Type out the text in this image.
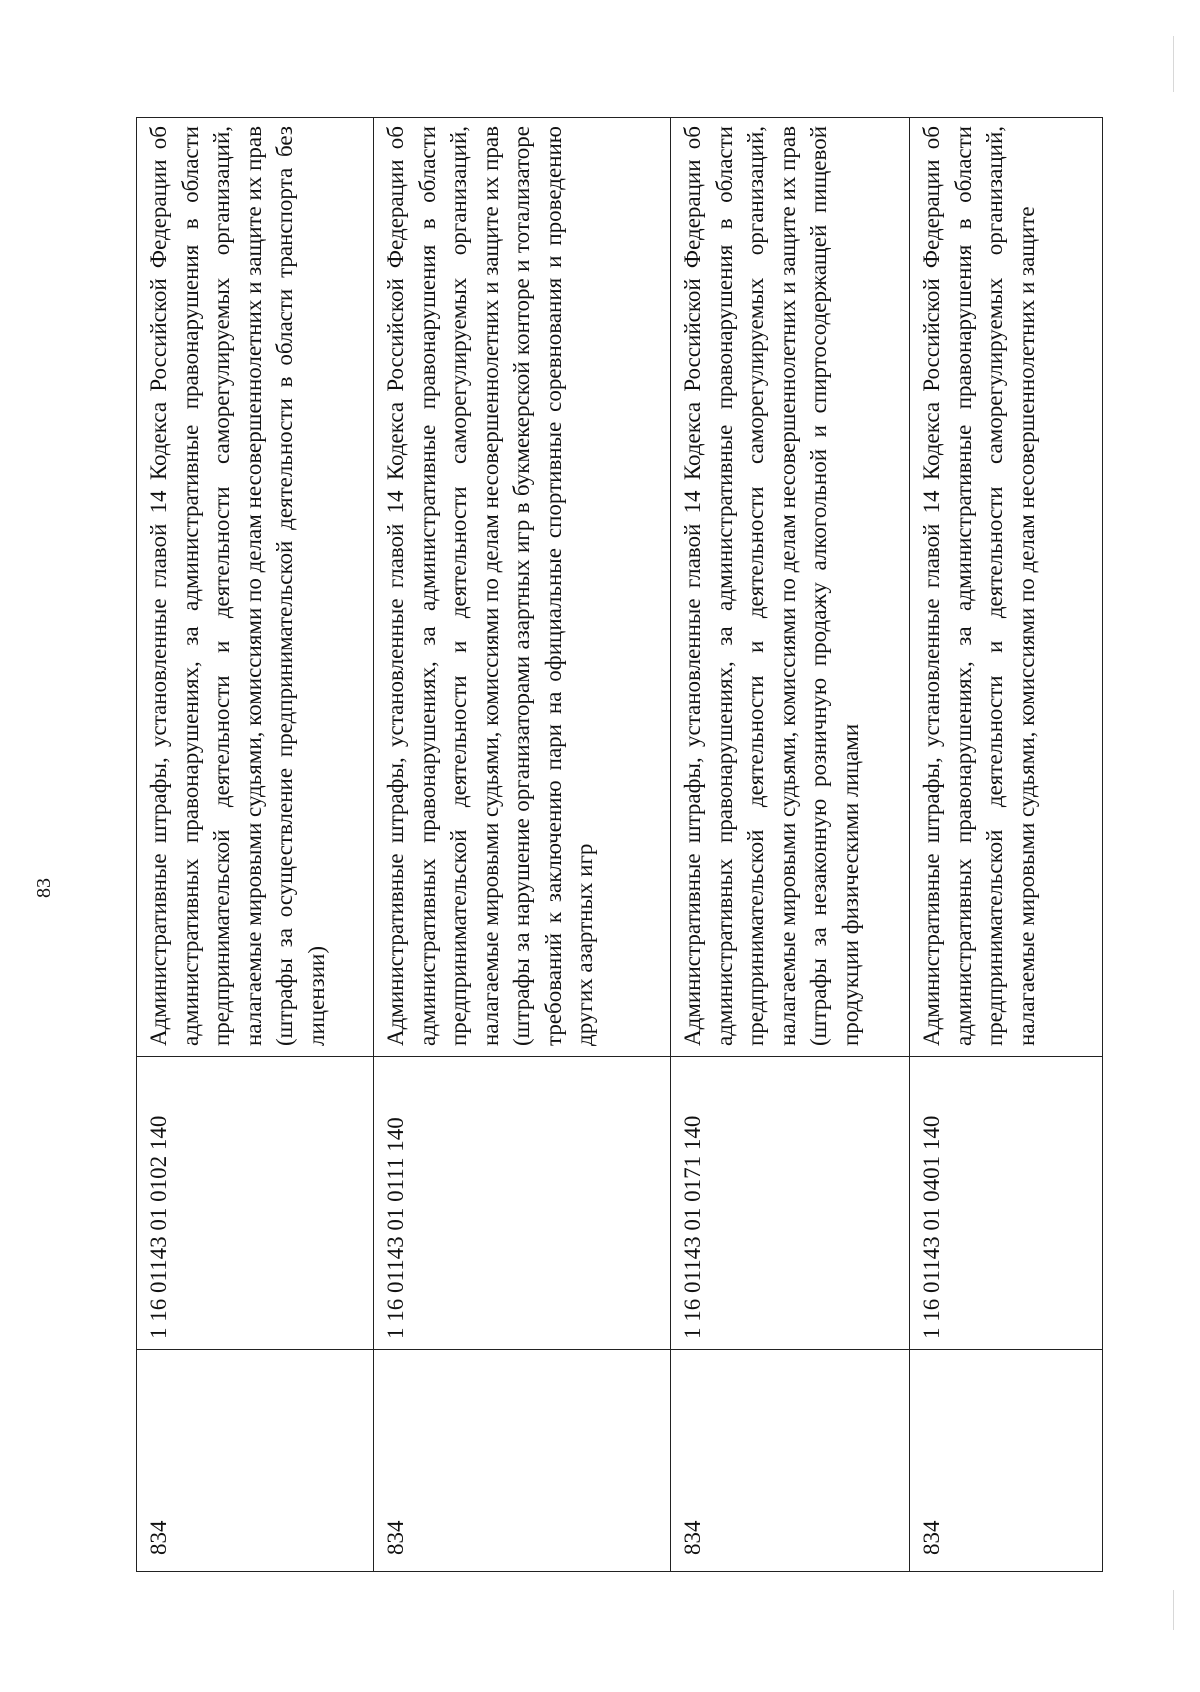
83
834	1 16 01143 01 0102 140	Административные штрафы, установленные главой 14 Кодекса Российской Федерации об административных правонарушениях, за административные правонарушения в области предпринимательской деятельности и деятельности саморегулируемых организаций, налагаемые мировыми судьями, комиссиями по делам несовершеннолетних и защите их прав (штрафы за осуществление предпринимательской деятельности в области транспорта без лицензии)
834	1 16 01143 01 0111 140	Административные штрафы, установленные главой 14 Кодекса Российской Федерации об административных правонарушениях, за административные правонарушения в области предпринимательской деятельности и деятельности саморегулируемых организаций, налагаемые мировыми судьями, комиссиями по делам несовершеннолетних и защите их прав (штрафы за нарушение организаторами азартных игр в букмекерской конторе и тотализаторе требований к заключению пари на официальные спортивные соревнования и проведению других азартных игр
834	1 16 01143 01 0171 140	Административные штрафы, установленные главой 14 Кодекса Российской Федерации об административных правонарушениях, за административные правонарушения в области предпринимательской деятельности и деятельности саморегулируемых организаций, налагаемые мировыми судьями, комиссиями по делам несовершеннолетних и защите их прав (штрафы за незаконную розничную продажу алкогольной и спиртосодержащей пищевой продукции физическими лицами
834	1 16 01143 01 0401 140	Административные штрафы, установленные главой 14 Кодекса Российской Федерации об административных правонарушениях, за административные правонарушения в области предпринимательской деятельности и деятельности саморегулируемых организаций, налагаемые мировыми судьями, комиссиями по делам несовершеннолетних и защите
